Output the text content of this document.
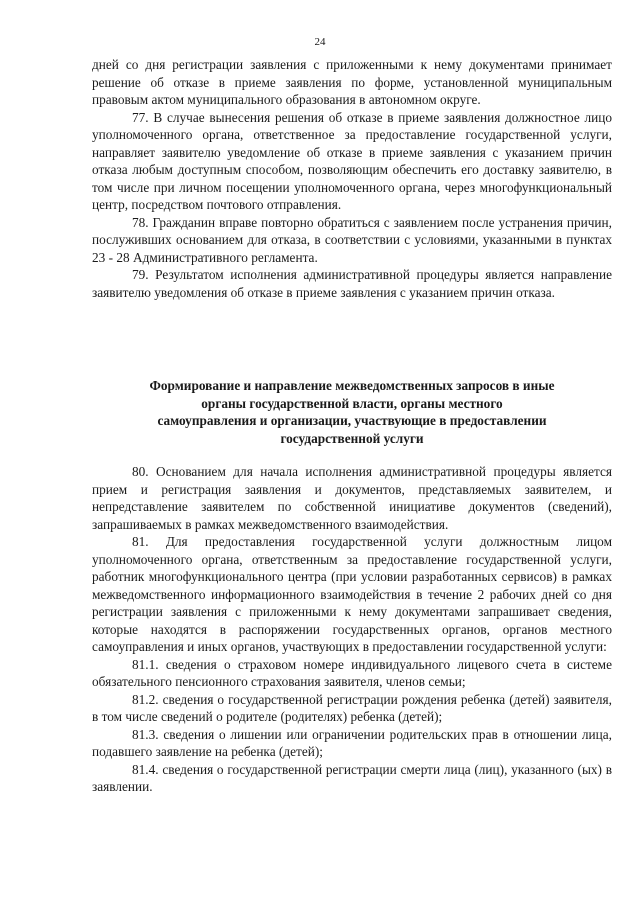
24

дней со дня регистрации заявления с приложенными к нему документами принимает решение об отказе в приеме заявления по форме, установленной муниципальным правовым актом муниципального образования в автономном округе.

77. В случае вынесения решения об отказе в приеме заявления должностное лицо уполномоченного органа, ответственное за предоставление государственной услуги, направляет заявителю уведомление об отказе в приеме заявления с указанием причин отказа любым доступным способом, позволяющим обеспечить его доставку заявителю, в том числе при личном посещении уполномоченного органа, через многофункциональный центр, посредством почтового отправления.

78. Гражданин вправе повторно обратиться с заявлением после устранения причин, послуживших основанием для отказа, в соответствии с условиями, указанными в пунктах 23 - 28 Административного регламента.

79. Результатом исполнения административной процедуры является направление заявителю уведомления об отказе в приеме заявления с указанием причин отказа.

Формирование и направление межведомственных запросов в иные
органы государственной власти, органы местного
самоуправления и организации, участвующие в предоставлении
государственной услуги

80. Основанием для начала исполнения административной процедуры является прием и регистрация заявления и документов, представляемых заявителем, и непредставление заявителем по собственной инициативе документов (сведений), запрашиваемых в рамках межведомственного взаимодействия.

81. Для предоставления государственной услуги должностным лицом уполномоченного органа, ответственным за предоставление государственной услуги, работник многофункционального центра (при условии разработанных сервисов) в рамках межведомственного информационного взаимодействия в течение 2 рабочих дней со дня регистрации заявления с приложенными к нему документами запрашивает сведения, которые находятся в распоряжении государственных органов, органов местного самоуправления и иных органов, участвующих в предоставлении государственной услуги:

81.1. сведения о страховом номере индивидуального лицевого счета в системе обязательного пенсионного страхования заявителя, членов семьи;

81.2. сведения о государственной регистрации рождения ребенка (детей) заявителя, в том числе сведений о родителе (родителях) ребенка (детей);

81.3. сведения о лишении или ограничении родительских прав в отношении лица, подавшего заявление на ребенка (детей);

81.4. сведения о государственной регистрации смерти лица (лиц), указанного (ых) в заявлении.
